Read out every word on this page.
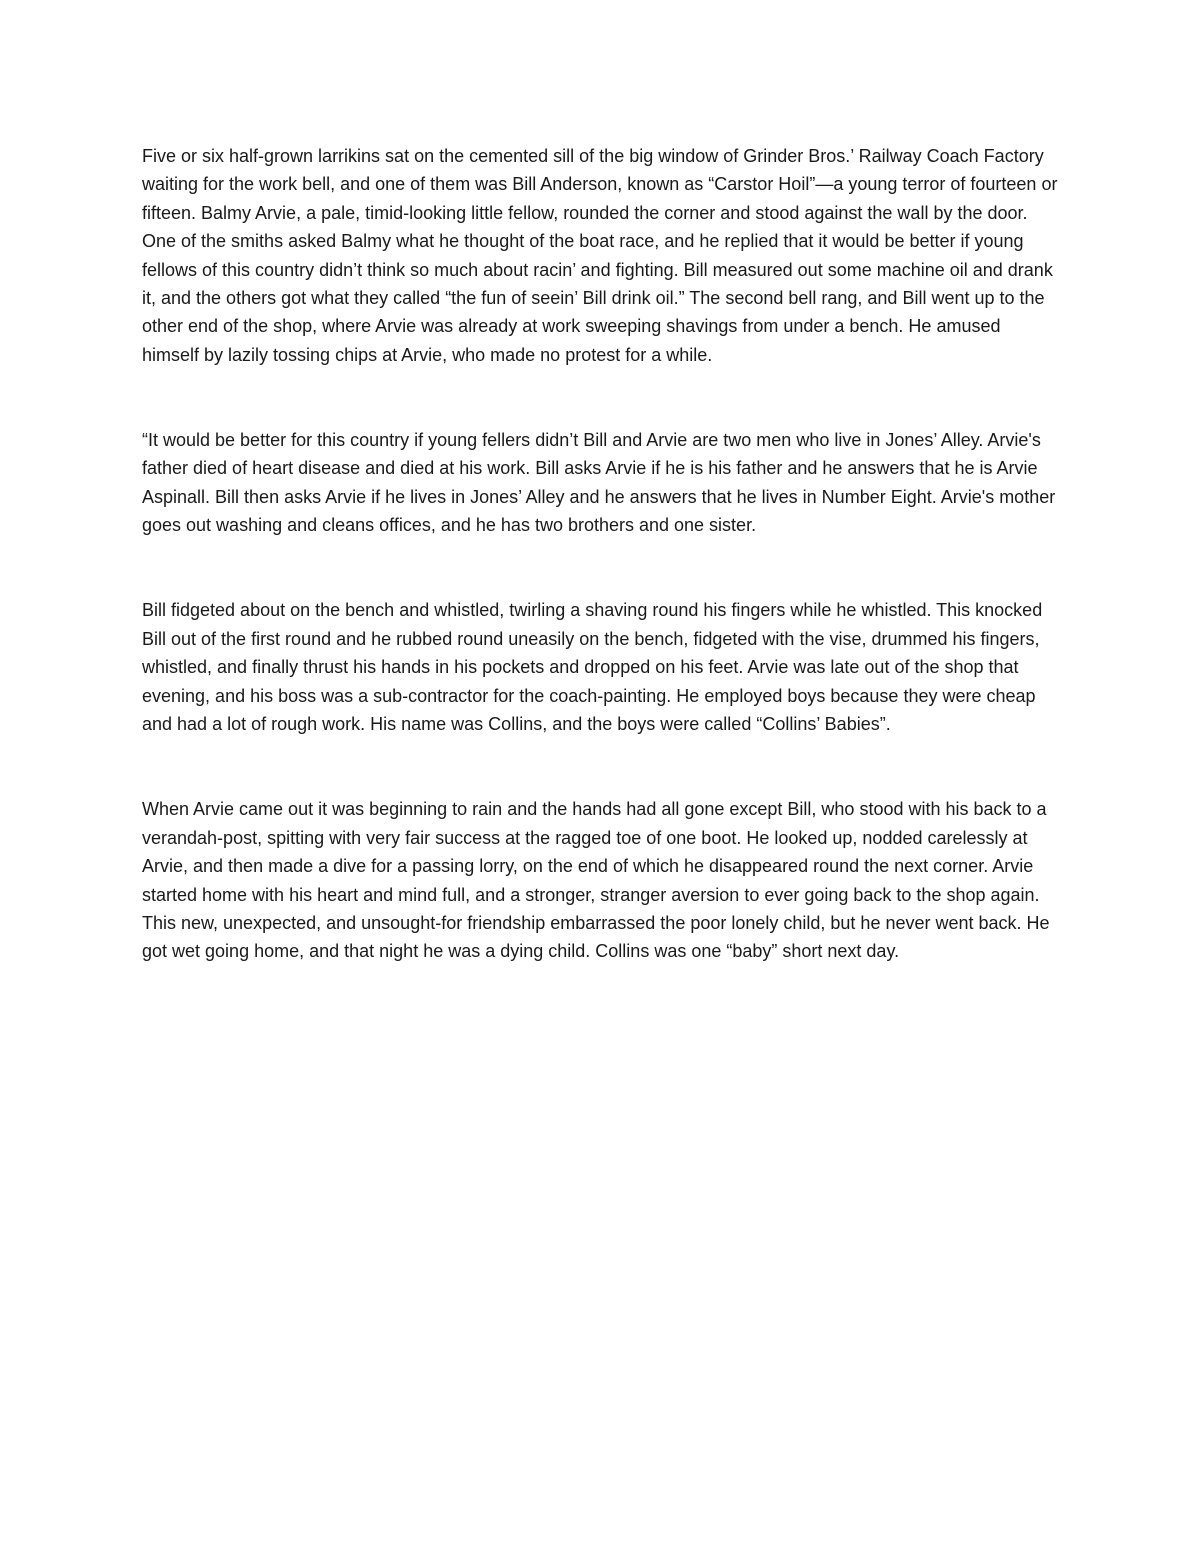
Five or six half-grown larrikins sat on the cemented sill of the big window of Grinder Bros.’ Railway Coach Factory waiting for the work bell, and one of them was Bill Anderson, known as “Carstor Hoil”—a young terror of fourteen or fifteen. Balmy Arvie, a pale, timid-looking little fellow, rounded the corner and stood against the wall by the door. One of the smiths asked Balmy what he thought of the boat race, and he replied that it would be better if young fellows of this country didn’t think so much about racin’ and fighting. Bill measured out some machine oil and drank it, and the others got what they called “the fun of seein’ Bill drink oil.” The second bell rang, and Bill went up to the other end of the shop, where Arvie was already at work sweeping shavings from under a bench. He amused himself by lazily tossing chips at Arvie, who made no protest for a while.

“It would be better for this country if young fellers didn’t Bill and Arvie are two men who live in Jones’ Alley. Arvie's father died of heart disease and died at his work. Bill asks Arvie if he is his father and he answers that he is Arvie Aspinall. Bill then asks Arvie if he lives in Jones’ Alley and he answers that he lives in Number Eight. Arvie's mother goes out washing and cleans offices, and he has two brothers and one sister.

Bill fidgeted about on the bench and whistled, twirling a shaving round his fingers while he whistled. This knocked Bill out of the first round and he rubbed round uneasily on the bench, fidgeted with the vise, drummed his fingers, whistled, and finally thrust his hands in his pockets and dropped on his feet. Arvie was late out of the shop that evening, and his boss was a sub-contractor for the coach-painting. He employed boys because they were cheap and had a lot of rough work. His name was Collins, and the boys were called “Collins’ Babies”.

When Arvie came out it was beginning to rain and the hands had all gone except Bill, who stood with his back to a verandah-post, spitting with very fair success at the ragged toe of one boot. He looked up, nodded carelessly at Arvie, and then made a dive for a passing lorry, on the end of which he disappeared round the next corner. Arvie started home with his heart and mind full, and a stronger, stranger aversion to ever going back to the shop again. This new, unexpected, and unsought-for friendship embarrassed the poor lonely child, but he never went back. He got wet going home, and that night he was a dying child. Collins was one “baby” short next day.
